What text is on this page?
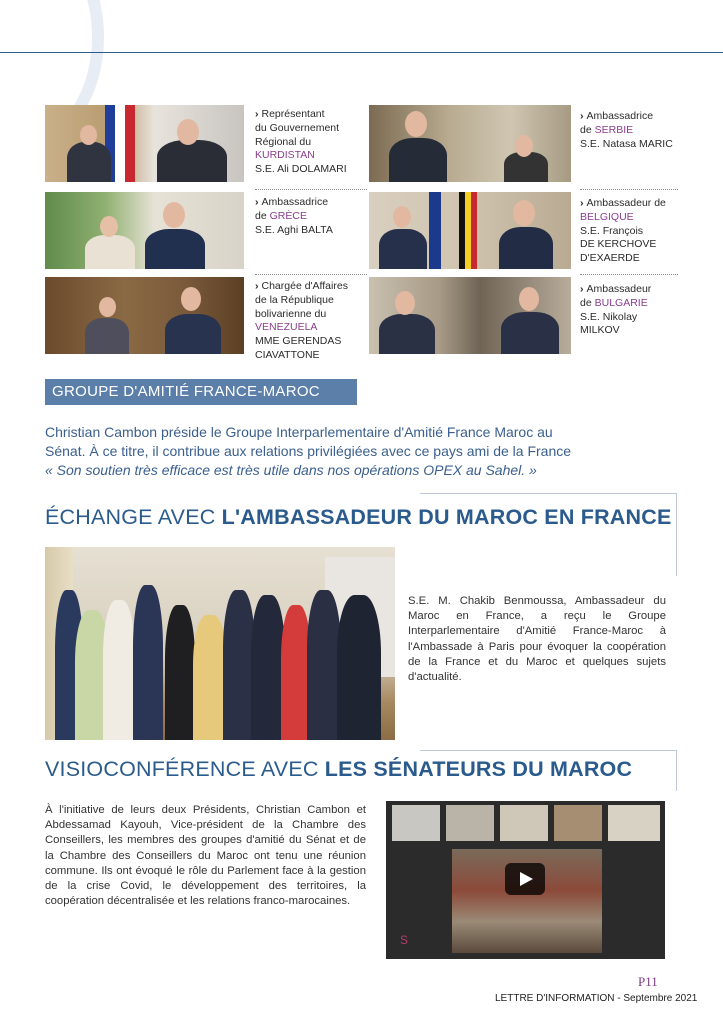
› Représentant
du Gouvernement
Régional du
KURDISTAN
S.E. Ali DOLAMARI
› Ambassadrice
de GRÈCE
S.E. Aghi BALTA
› Chargée d'Affaires
de la République
bolivarienne du
VENEZUELA
MME GERENDAS
CIAVATTONE
› Ambassadrice
de SERBIE
S.E. Natasa MARIC
› Ambassadeur de
BELGIQUE
S.E. François
DE KERCHOVE
D'EXAERDE
› Ambassadeur
de BULGARIE
S.E. Nikolay
MILKOV
GROUPE D'AMITIÉ FRANCE-MAROC
Christian Cambon préside le Groupe Interparlementaire d'Amitié France Maroc au
Sénat. À ce titre, il contribue aux relations privilégiées avec ce pays ami de la France
« Son soutien très efficace est très utile dans nos opérations OPEX au Sahel. »
ÉCHANGE AVEC L'AMBASSADEUR DU MAROC EN FRANCE
S.E. M. Chakib Benmoussa, Ambassadeur du Maroc en France, a reçu le Groupe Interparlementaire d'Amitié France-Maroc à l'Ambassade à Paris pour évoquer la coopération de la France et du Maroc et quelques sujets d'actualité.
VISIOCONFÉRENCE AVEC LES SÉNATEURS DU MAROC
À l'initiative de leurs deux Présidents, Christian Cambon et Abdessamad Kayouh, Vice-président de la Chambre des Conseillers, les membres des groupes d'amitié du Sénat et de la Chambre des Conseillers du Maroc ont tenu une réunion commune. Ils ont évoqué le rôle du Parlement face à la gestion de la crise Covid, le développement des territoires, la coopération décentralisée et les relations franco-marocaines.
S
P11
LETTRE D'INFORMATION - Septembre 2021
